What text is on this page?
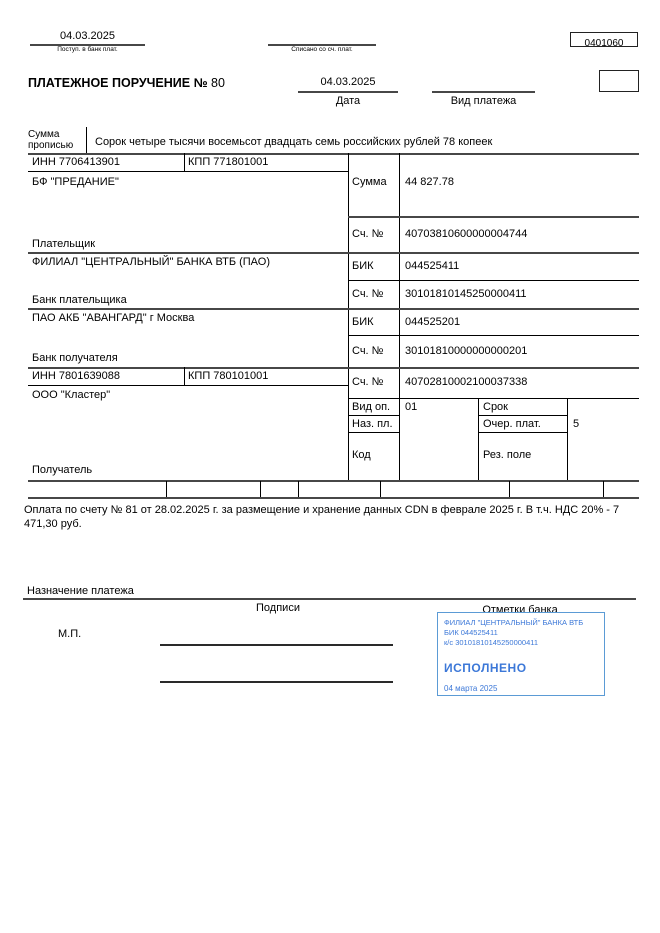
04.03.2025
Поступ. в банк плат.	Списано со сч. плат.
0401060
ПЛАТЕЖНОЕ ПОРУЧЕНИЕ № 80	04.03.2025
Дата	Вид платежа
Сумма прописью	Сорок четыре тысячи восемьсот двадцать семь российских рублей 78 копеек
ИНН 7706413901	КПП 771801001
БФ "ПРЕДАНИЕ"
Плательщик
Сумма 44 827.78
Сч. № 40703810600000004744
ФИЛИАЛ "ЦЕНТРАЛЬНЫЙ" БАНКА ВТБ (ПАО)
Банк плательщика
БИК	044525411
Сч. № 30101810145250000411
ПАО АКБ "АВАНГАРД" г Москва
Банк получателя
БИК	044525201
Сч. № 30101810000000000201
ИНН 7801639088	КПП 780101001
ООО "Кластер"
Получатель
Сч. № 40702810002100037338
Вид оп. 01	Срок
Наз. пл.	Очер. плат.	5
Код	Рез. поле
Оплата по счету № 81 от 28.02.2025 г. за размещение и хранение данных CDN в феврале 2025 г. В т.ч. НДС 20% - 7 471,30 руб.
Назначение платежа
Подписи	Отметки банка
М.П.
ФИЛИАЛ "ЦЕНТРАЛЬНЫЙ" БАНКА ВТБ
БИК 044525411
к/с 30101810145250000411
ИСПОЛНЕНО
04 марта 2025
